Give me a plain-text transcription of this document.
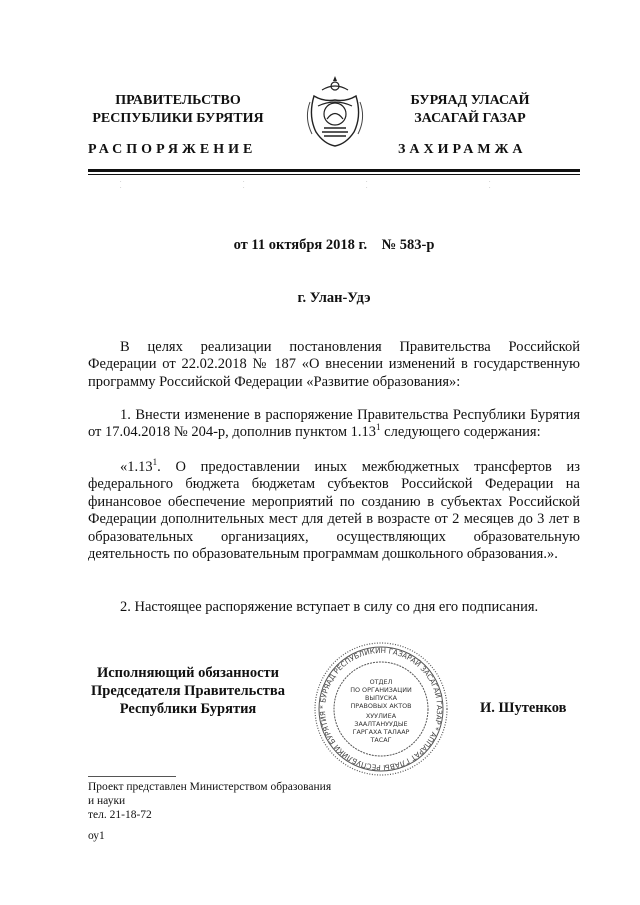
ПРАВИТЕЛЬСТВО
РЕСПУБЛИКИ БУРЯТИЯ
БУРЯАД УЛАСАЙ
ЗАСАГАЙ ГАЗАР
РАСПОРЯЖЕНИЕ	ЗАХИРАМЖА
. . . . . . . .
от 11 октября 2018 г.    № 583-р
г. Улан-Удэ
В целях реализации постановления Правительства Российской Федерации от 22.02.2018 № 187 «О внесении изменений в государственную программу Российской Федерации «Развитие образования»:
1. Внести изменение в распоряжение Правительства Республики Бурятия от 17.04.2018 № 204-р, дополнив пунктом 1.13$^1$ следующего содержания:
«1.13$^1$. О предоставлении иных межбюджетных трансфертов из федерального бюджета бюджетам субъектов Российской Федерации на финансовое обеспечение мероприятий по созданию в субъектах Российской Федерации дополнительных мест для детей в возрасте от 2 месяцев до 3 лет в образовательных организациях, осуществляющих образовательную деятельность по образовательным программам дошкольного образования.».
2. Настоящее распоряжение вступает в силу со дня его подписания.
Исполняющий обязанности
Председателя Правительства
Республики Бурятия	* БУРЯАД РЕСПУБЛИКИН ГАЗАРАЙ ЗАСАГАЙ ГАЗАР * АППАРАТ ГЛАВЫ РЕСПУБЛИКИ БУРЯТИЯ
ОТДЕЛ
ПО ОРГАНИЗАЦИИ
ВЫПУСКА
ПРАВОВЫХ АКТОВ
ХУУЛИЕА
ЗААЛТАНУУДЫЕ
ГАРГАХА ТАЛААР
ТАСАГ
И. Шутенков
Проект представлен Министерством образования
и науки
тел. 21-18-72
оу1
